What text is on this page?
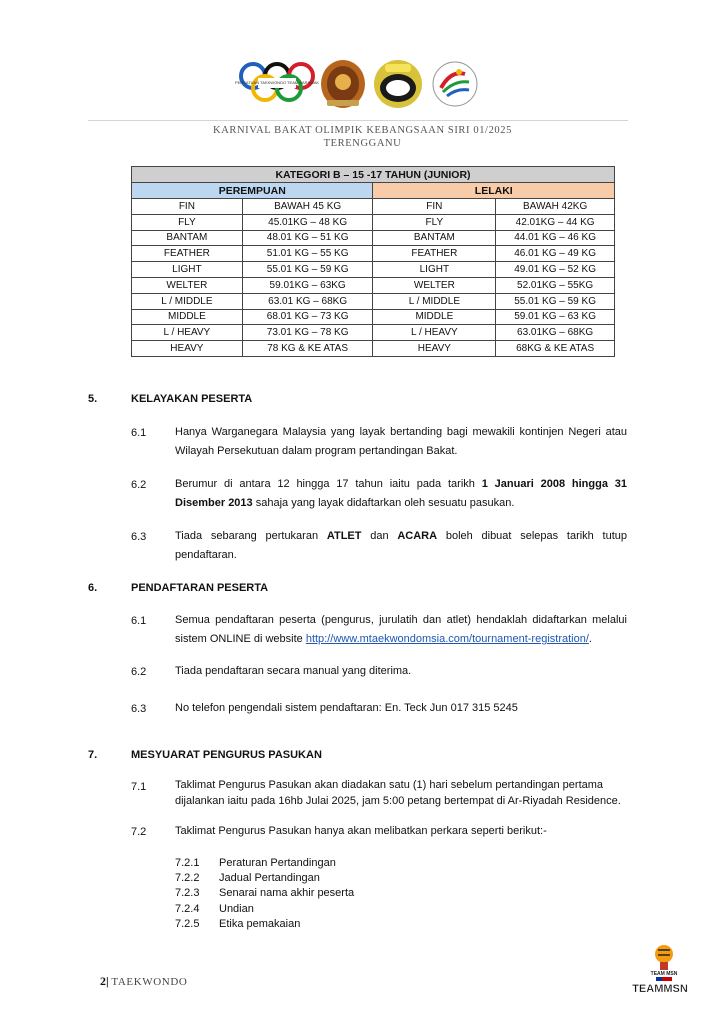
PERSATUAN TAEKWONDO TEAM SARAWAK
KARNIVAL BAKAT OLIMPIK KEBANGSAAN SIRI 01/2025
TERENGGANU
KATEGORI B – 15 -17 TAHUN (JUNIOR)			
PEREMPUAN		LELAKI	
FIN	BAWAH 45 KG	FIN	BAWAH 42KG
FLY	45.01KG – 48 KG	FLY	42.01KG – 44 KG
BANTAM	48.01 KG – 51 KG	BANTAM	44.01 KG – 46 KG
FEATHER	51.01 KG – 55 KG	FEATHER	46.01 KG – 49 KG
LIGHT	55.01 KG – 59 KG	LIGHT	49.01 KG – 52 KG
WELTER	59.01KG – 63KG	WELTER	52.01KG – 55KG
L / MIDDLE	63.01 KG – 68KG	L / MIDDLE	55.01 KG – 59 KG
MIDDLE	68.01 KG – 73 KG	MIDDLE	59.01 KG – 63 KG
L / HEAVY	73.01 KG – 78 KG	L / HEAVY	63.01KG – 68KG
HEAVY	78 KG & KE ATAS	HEAVY	68KG & KE ATAS
5.	KELAYAKAN PESERTA
6.1	Hanya Warganegara Malaysia yang layak bertanding bagi mewakili kontinjen Negeri atau Wilayah Persekutuan dalam program pertandingan Bakat.
6.2	Berumur di antara 12 hingga 17 tahun iaitu pada tarikh 1 Januari 2008 hingga 31 Disember 2013 sahaja yang layak didaftarkan oleh sesuatu pasukan.
6.3	Tiada sebarang pertukaran ATLET dan ACARA boleh dibuat selepas tarikh tutup pendaftaran.
6.	PENDAFTARAN PESERTA
6.1	Semua pendaftaran peserta (pengurus, jurulatih dan atlet) hendaklah didaftarkan melalui sistem ONLINE di website http://www.mtaekwondomsia.com/tournament-registration/.
6.2	Tiada pendaftaran secara manual yang diterima.
6.3	No telefon pengendali sistem pendaftaran: En. Teck Jun 017 315 5245
7.	MESYUARAT PENGURUS PASUKAN
7.1	Taklimat Pengurus Pasukan akan diadakan satu (1) hari sebelum pertandingan pertama dijalankan iaitu pada 16hb Julai 2025, jam 5:00 petang bertempat di Ar-Riyadah Residence.
7.2	Taklimat Pengurus Pasukan hanya akan melibatkan perkara seperti berikut:-
7.2.1 Peraturan Pertandingan
7.2.2 Jadual Pertandingan
7.2.3 Senarai nama akhir peserta
7.2.4 Undian
7.2.5 Etika pemakaian
2| TAEKWONDO
TEAM MSN
TEAMMSN
